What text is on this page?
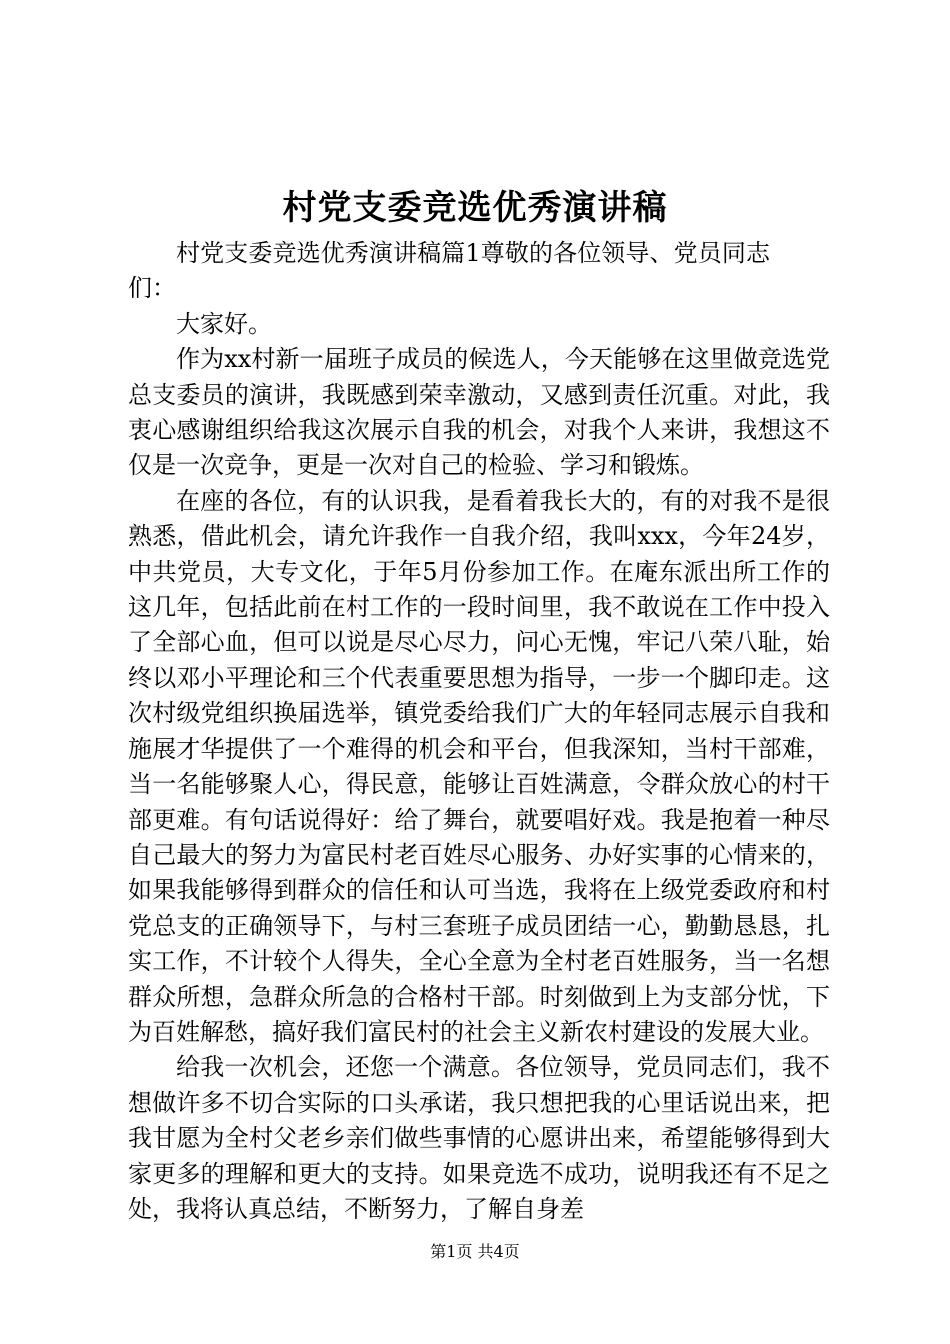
村党支委竞选优秀演讲稿

村党支委竞选优秀演讲稿篇1尊敬的各位领导、党员同志们：

大家好。

作为xx村新一届班子成员的候选人，今天能够在这里做竞选党总支委员的演讲，我既感到荣幸激动，又感到责任沉重。对此，我衷心感谢组织给我这次展示自我的机会，对我个人来讲，我想这不仅是一次竞争，更是一次对自己的检验、学习和锻炼。

在座的各位，有的认识我，是看着我长大的，有的对我不是很熟悉，借此机会，请允许我作一自我介绍，我叫xxx，今年24岁，中共党员，大专文化，于年5月份参加工作。在庵东派出所工作的这几年，包括此前在村工作的一段时间里，我不敢说在工作中投入了全部心血，但可以说是尽心尽力，问心无愧，牢记八荣八耻，始终以邓小平理论和三个代表重要思想为指导，一步一个脚印走。这次村级党组织换届选举，镇党委给我们广大的年轻同志展示自我和施展才华提供了一个难得的机会和平台，但我深知，当村干部难，当一名能够聚人心，得民意，能够让百姓满意，令群众放心的村干部更难。有句话说得好：给了舞台，就要唱好戏。我是抱着一种尽自己最大的努力为富民村老百姓尽心服务、办好实事的心情来的，如果我能够得到群众的信任和认可当选，我将在上级党委政府和村党总支的正确领导下，与村三套班子成员团结一心，勤勤恳恳，扎实工作，不计较个人得失，全心全意为全村老百姓服务，当一名想群众所想，急群众所急的合格村干部。时刻做到上为支部分忧，下为百姓解愁，搞好我们富民村的社会主义新农村建设的发展大业。

给我一次机会，还您一个满意。各位领导，党员同志们，我不想做许多不切合实际的口头承诺，我只想把我的心里话说出来，把我甘愿为全村父老乡亲们做些事情的心愿讲出来，希望能够得到大家更多的理解和更大的支持。如果竞选不成功，说明我还有不足之处，我将认真总结，不断努力，了解自身差

第1页 共4页
